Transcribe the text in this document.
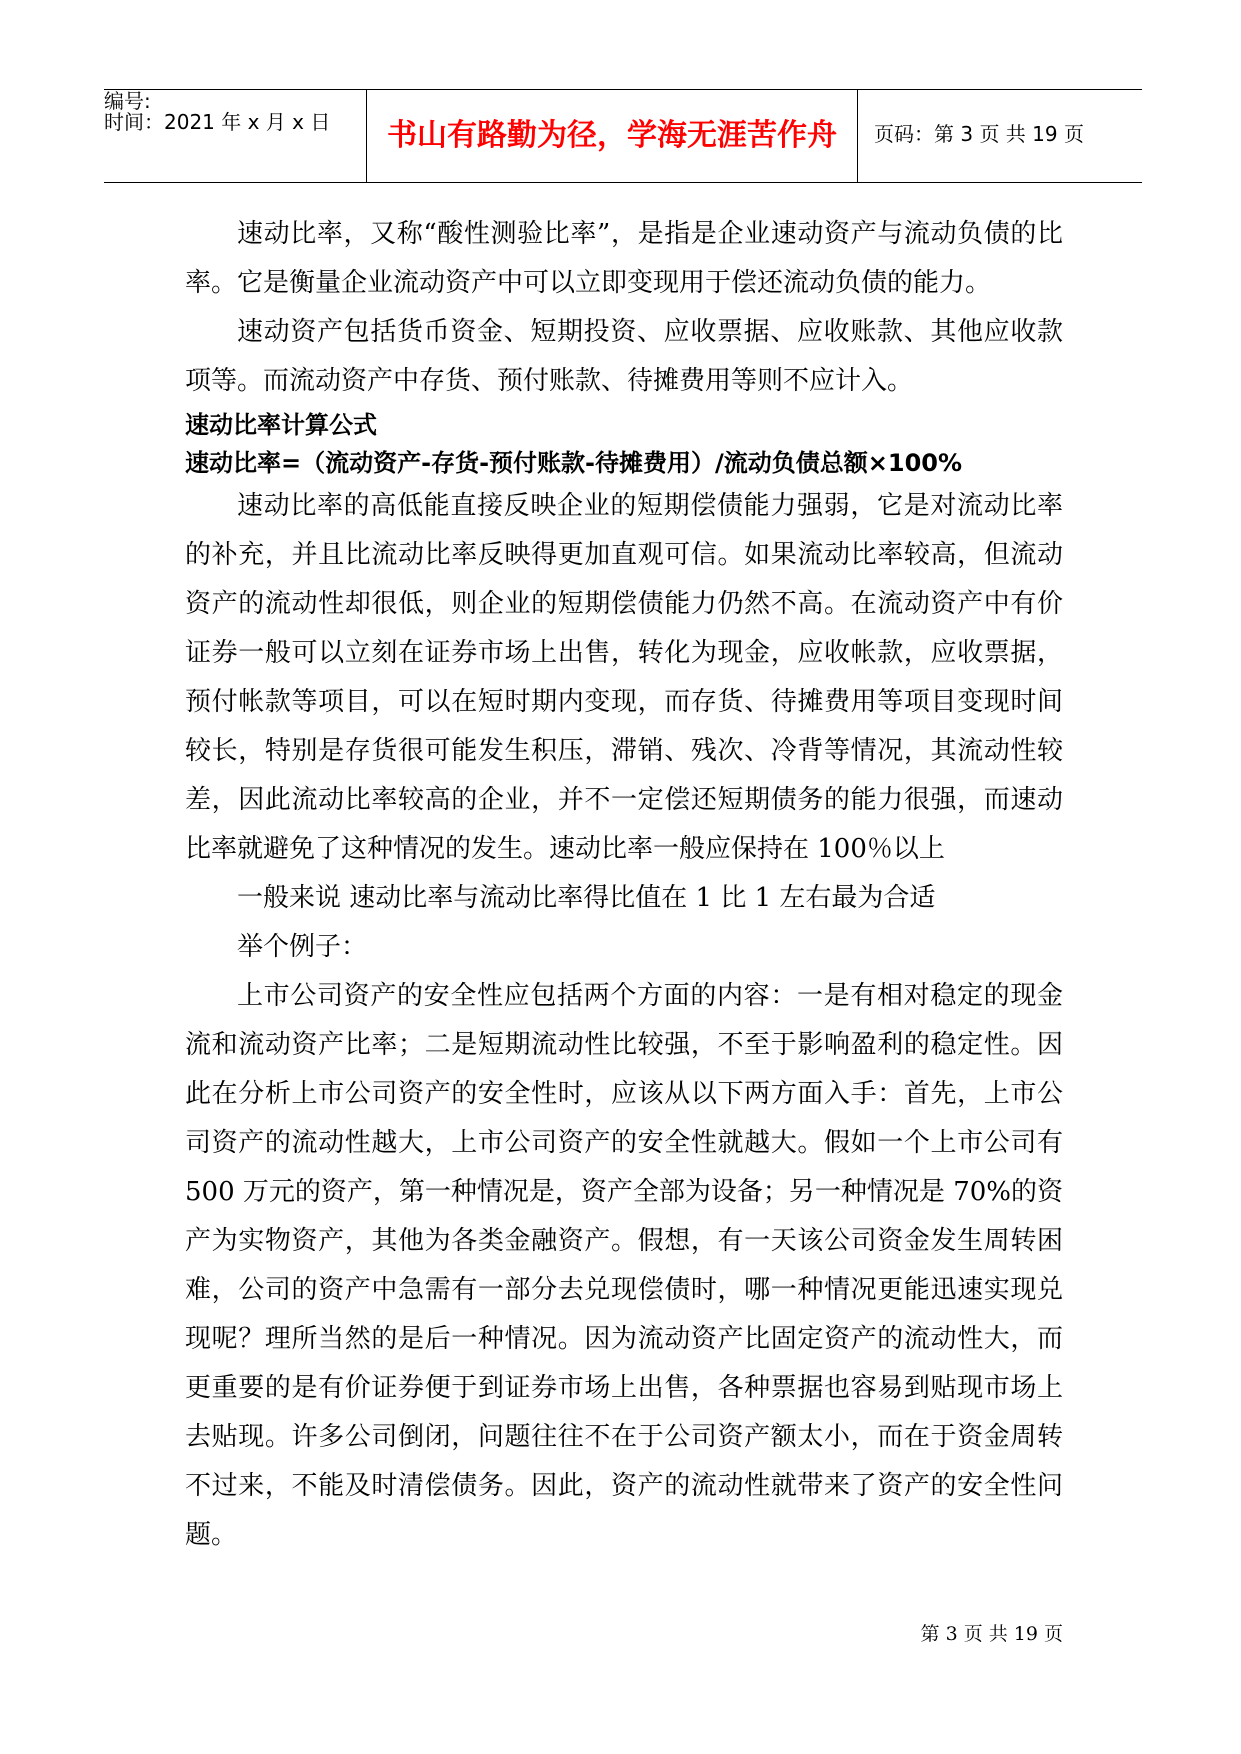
编号:
时间：2021 年 x 月 x 日	书山有路勤为径，学海无涯苦作舟	页码：第 3 页 共 19 页

速动比率，又称“酸性测验比率”，是指是企业速动资产与流动负债的比率。它是衡量企业流动资产中可以立即变现用于偿还流动负债的能力。

速动资产包括货币资金、短期投资、应收票据、应收账款、其他应收款项等。而流动资产中存货、预付账款、待摊费用等则不应计入。

速动比率计算公式

速动比率=（流动资产-存货-预付账款-待摊费用）/流动负债总额×100%

速动比率的高低能直接反映企业的短期偿债能力强弱，它是对流动比率的补充，并且比流动比率反映得更加直观可信。如果流动比率较高，但流动资产的流动性却很低，则企业的短期偿债能力仍然不高。在流动资产中有价证券一般可以立刻在证券市场上出售，转化为现金，应收帐款，应收票据，预付帐款等项目，可以在短时期内变现，而存货、待摊费用等项目变现时间较长，特别是存货很可能发生积压，滞销、残次、冷背等情况，其流动性较差，因此流动比率较高的企业，并不一定偿还短期债务的能力很强，而速动比率就避免了这种情况的发生。速动比率一般应保持在 100％以上

一般来说 速动比率与流动比率得比值在 1 比 1 左右最为合适

举个例子：

上市公司资产的安全性应包括两个方面的内容：一是有相对稳定的现金流和流动资产比率；二是短期流动性比较强，不至于影响盈利的稳定性。因此在分析上市公司资产的安全性时，应该从以下两方面入手：首先，上市公司资产的流动性越大，上市公司资产的安全性就越大。假如一个上市公司有500 万元的资产，第一种情况是，资产全部为设备；另一种情况是 70%的资产为实物资产，其他为各类金融资产。假想，有一天该公司资金发生周转困难，公司的资产中急需有一部分去兑现偿债时，哪一种情况更能迅速实现兑现呢？理所当然的是后一种情况。因为流动资产比固定资产的流动性大，而更重要的是有价证券便于到证券市场上出售，各种票据也容易到贴现市场上去贴现。许多公司倒闭，问题往往不在于公司资产额太小，而在于资金周转不过来，不能及时清偿债务。因此，资产的流动性就带来了资产的安全性问题。

第 3 页 共 19 页
